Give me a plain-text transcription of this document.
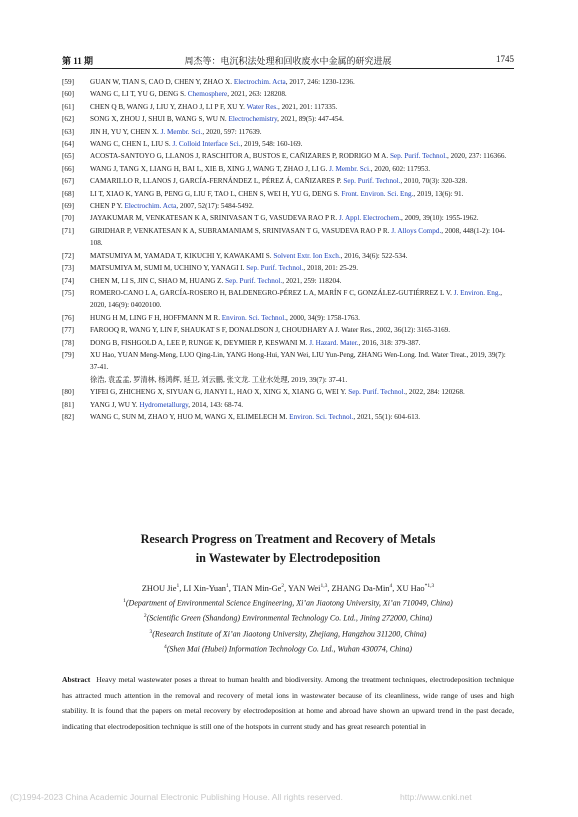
第 11 期	周杰等：电沉积法处理和回收废水中金属的研究进展	1745
[59] GUAN W, TIAN S, CAO D, CHEN Y, ZHAO X. Electrochim. Acta, 2017, 246: 1230-1236.
[60] WANG C, LI T, YU G, DENG S. Chemosphere, 2021, 263: 128208.
[61] CHEN Q B, WANG J, LIU Y, ZHAO J, LI P F, XU Y. Water Res., 2021, 201: 117335.
[62] SONG X, ZHOU J, SHUI B, WANG S, WU N. Electrochemistry, 2021, 89(5): 447-454.
[63] JIN H, YU Y, CHEN X. J. Membr. Sci., 2020, 597: 117639.
[64] WANG C, CHEN L, LIU S. J. Colloid Interface Sci., 2019, 548: 160-169.
[65] ACOSTA-SANTOYO G, LLANOS J, RASCHITOR A, BUSTOS E, CAÑIZARES P, RODRIGO M A. Sep. Purif. Technol., 2020, 237: 116366.
[66] WANG J, TANG X, LIANG H, BAI L, XIE B, XING J, WANG T, ZHAO J, LI G. J. Membr. Sci., 2020, 602: 117953.
[67] CAMARILLO R, LLANOS J, GARCÍA-FERNÁNDEZ L, PÉREZ Á, CAÑIZARES P. Sep. Purif. Technol., 2010, 70(3): 320-328.
[68] LI T, XIAO K, YANG B, PENG G, LIU F, TAO L, CHEN S, WEI H, YU G, DENG S. Front. Environ. Sci. Eng., 2019, 13(6): 91.
[69] CHEN P Y. Electrochim. Acta, 2007, 52(17): 5484-5492.
[70] JAYAKUMAR M, VENKATESAN K A, SRINIVASAN T G, VASUDEVA RAO P R. J. Appl. Electrochem., 2009, 39(10): 1955-1962.
[71] GIRIDHAR P, VENKATESAN K A, SUBRAMANIAM S, SRINIVASAN T G, VASUDEVA RAO P R. J. Alloys Compd., 2008, 448(1-2): 104-108.
[72] MATSUMIYA M, YAMADA T, KIKUCHI Y, KAWAKAMI S. Solvent Extr. Ion Exch., 2016, 34(6): 522-534.
[73] MATSUMIYA M, SUMI M, UCHINO Y, YANAGI I. Sep. Purif. Technol., 2018, 201: 25-29.
[74] CHEN M, LI S, JIN C, SHAO M, HUANG Z. Sep. Purif. Technol., 2021, 259: 118204.
[75] ROMERO-CANO L A, GARCÍA-ROSERO H, BALDENEGRO-PÉREZ L A, MARÍN F C, GONZÁLEZ-GUTIÉRREZ L V. J. Environ. Eng., 2020, 146(9): 04020100.
[76] HUNG H M, LING F H, HOFFMANN M R. Environ. Sci. Technol., 2000, 34(9): 1758-1763.
[77] FAROOQ R, WANG Y, LIN F, SHAUKAT S F, DONALDSON J, CHOUDHARY A J. Water Res., 2002, 36(12): 3165-3169.
[78] DONG B, FISHGOLD A, LEE P, RUNGE K, DEYMIER P, KESWANI M. J. Hazard. Mater., 2016, 318: 379-387.
[79] XU Hao, YUAN Meng-Meng, LUO Qing-Lin, YANG Hong-Hui, YAN Wei, LIU Yun-Peng, ZHANG Wen-Long. Ind. Water Treat., 2019, 39(7): 37-41.
徐浩, 袁孟孟, 罗清林, 杨鸿辉, 延卫, 刘云鹏, 张文龙. 工业水处理, 2019, 39(7): 37-41.
[80] YIFEI G, ZHICHENG X, SIYUAN G, JIANYI L, HAO X, XING X, XIANG G, WEI Y. Sep. Purif. Technol., 2022, 284: 120268.
[81] YANG J, WU Y. Hydrometallurgy, 2014, 143: 68-74.
[82] WANG C, SUN M, ZHAO Y, HUO M, WANG X, ELIMELECH M. Environ. Sci. Technol., 2021, 55(1): 604-613.
Research Progress on Treatment and Recovery of Metals
in Wastewater by Electrodeposition
ZHOU Jie$^1$, LI Xin-Yuan$^1$, TIAN Min-Ge$^2$, YAN Wei$^{1,3}$, ZHANG Da-Min$^4$, XU Hao$^{*1,3}$
$^1$(Department of Environmental Science Engineering, Xi’an Jiaotong University, Xi’an 710049, China)
$^2$(Scientific Green (Shandong) Environmental Technology Co. Ltd., Jining 272000, China)
$^3$(Research Institute of Xi’an Jiaotong University, Zhejiang, Hangzhou 311200, China)
$^4$(Shen Mai (Hubei) Information Technology Co. Ltd., Wuhan 430074, China)
Abstract Heavy metal wastewater poses a threat to human health and biodiversity. Among the treatment techniques, electrodeposition technique has attracted much attention in the removal and recovery of metal ions in wastewater because of its cleanliness, wide range of uses and high stability. It is found that the papers on metal recovery by electrodeposition at home and abroad have shown an upward trend in the past decade, indicating that electrodeposition technique is still one of the hotspots in current study and has great research potential in
(C)1994-2023 China Academic Journal Electronic Publishing House. All rights reserved.	http://www.cnki.net
